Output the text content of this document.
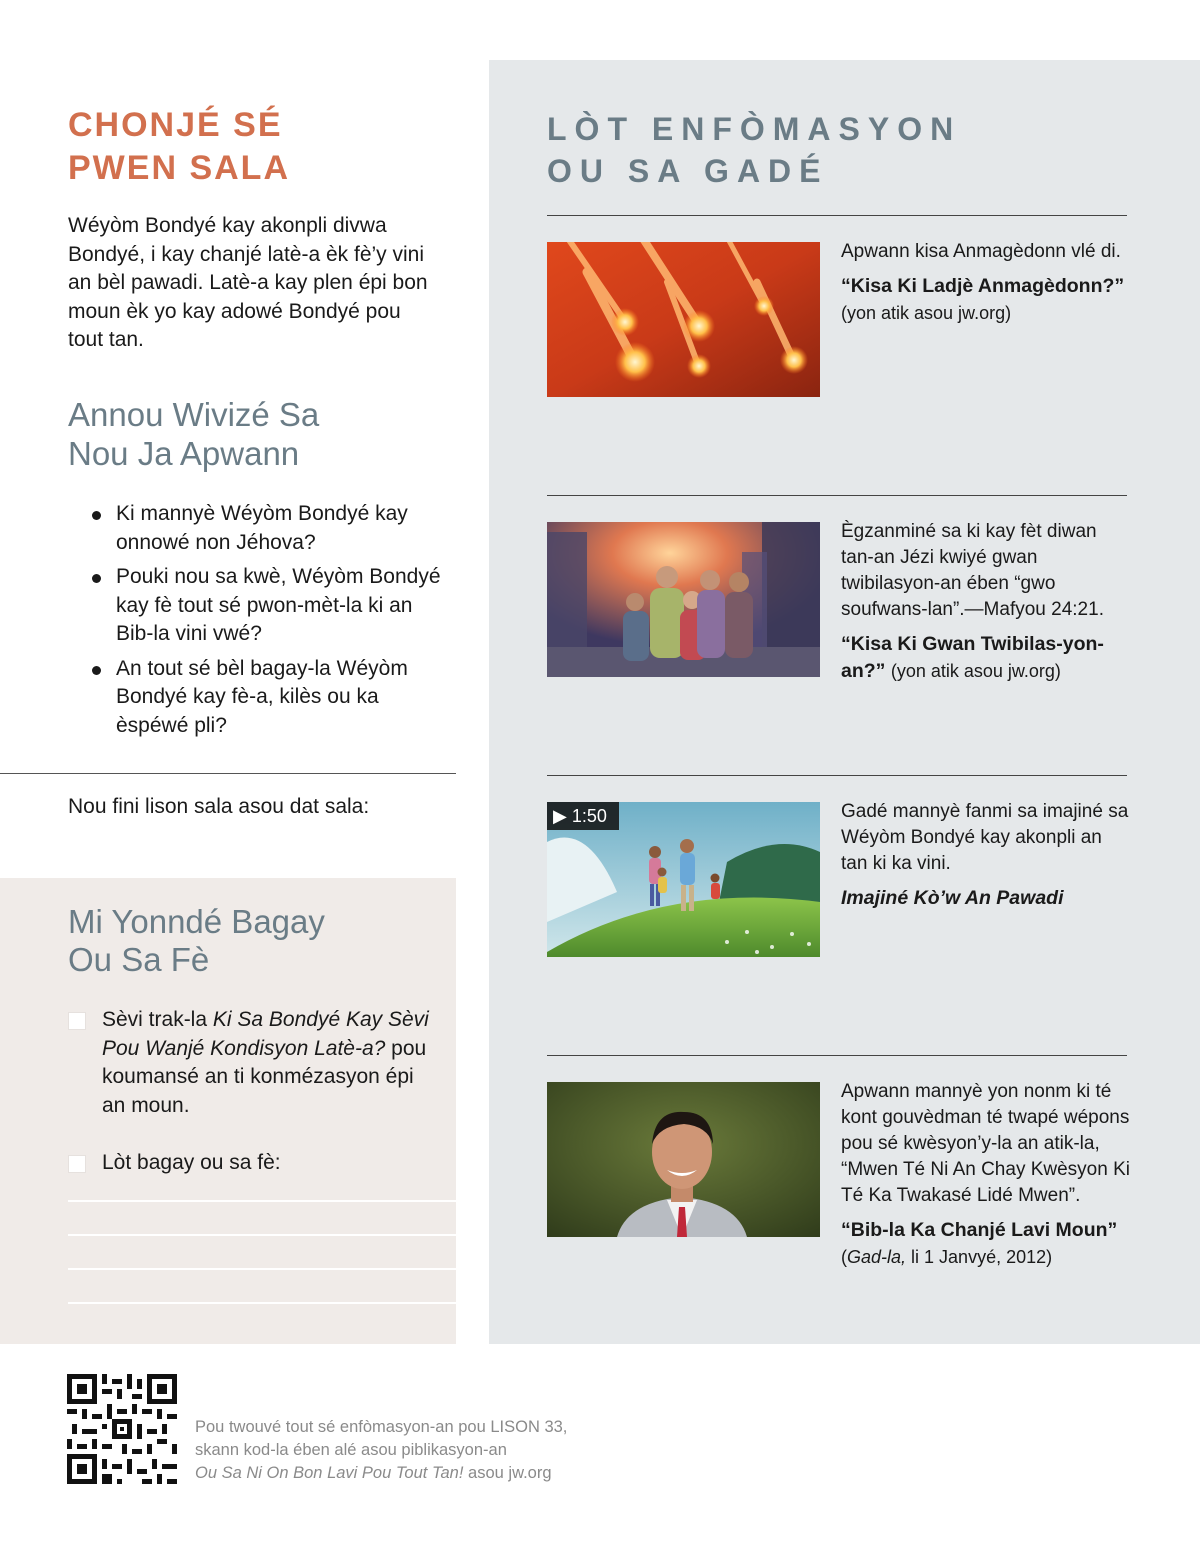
CHONJÉ SÉ
PWEN SALA

Wéyòm Bondyé kay akonpli divwa Bondyé, i kay chanjé latè-a èk fè’y vini an bèl pawadi. Latè-a kay plen épi bon moun èk yo kay adowé Bondyé pou tout tan.

Annou Wivizé Sa
Nou Ja Apwann
Ki mannyè Wéyòm Bondyé kay onnowé non Jéhova?
Pouki nou sa kwè, Wéyòm Bondyé kay fè tout sé pwon-mèt-la ki an Bib-la vini vwé?
An tout sé bèl bagay-la Wéyòm Bondyé kay fè-a, kilès ou ka èspéwé pli?
Nou fini lison sala asou dat sala:
Mi Yonndé Bagay
Ou Sa Fè
Sèvi trak-la Ki Sa Bondyé Kay Sèvi Pou Wanjé Kondisyon Latè-a? pou koumansé an ti konmézasyon épi an moun.
Lòt bagay ou sa fè:
LÒT ENFÒMASYON
OU SA GADÉ
Apwann kisa Anmagèdonn vlé di.
“Kisa Ki Ladjè Anmagèdonn?”
(yon atik asou jw.org)
Ègzanminé sa ki kay fèt diwan tan-an Jézi kwiyé gwan twibilasyon-an ében “gwo soufwans-lan”.—Mafyou 24:21.
“Kisa Ki Gwan Twibilas-yon-an?” (yon atik asou jw.org)
▶ 1:50	Gadé mannyè fanmi sa imajiné sa Wéyòm Bondyé kay akonpli an tan ki ka vini.
Imajiné Kò’w An Pawadi
Apwann mannyè yon nonm ki té kont gouvèdman té twapé wépons pou sé kwèsyon’y-la an atik-la, “Mwen Té Ni An Chay Kwèsyon Ki Té Ka Twakasé Lidé Mwen”.
“Bib-la Ka Chanjé Lavi Moun”
(Gad-la, li 1 Janvyé, 2012)
Pou twouvé tout sé enfòmasyon-an pou LISON 33,
skann kod-la ében alé asou piblikasyon-an
Ou Sa Ni On Bon Lavi Pou Tout Tan! asou jw.org
